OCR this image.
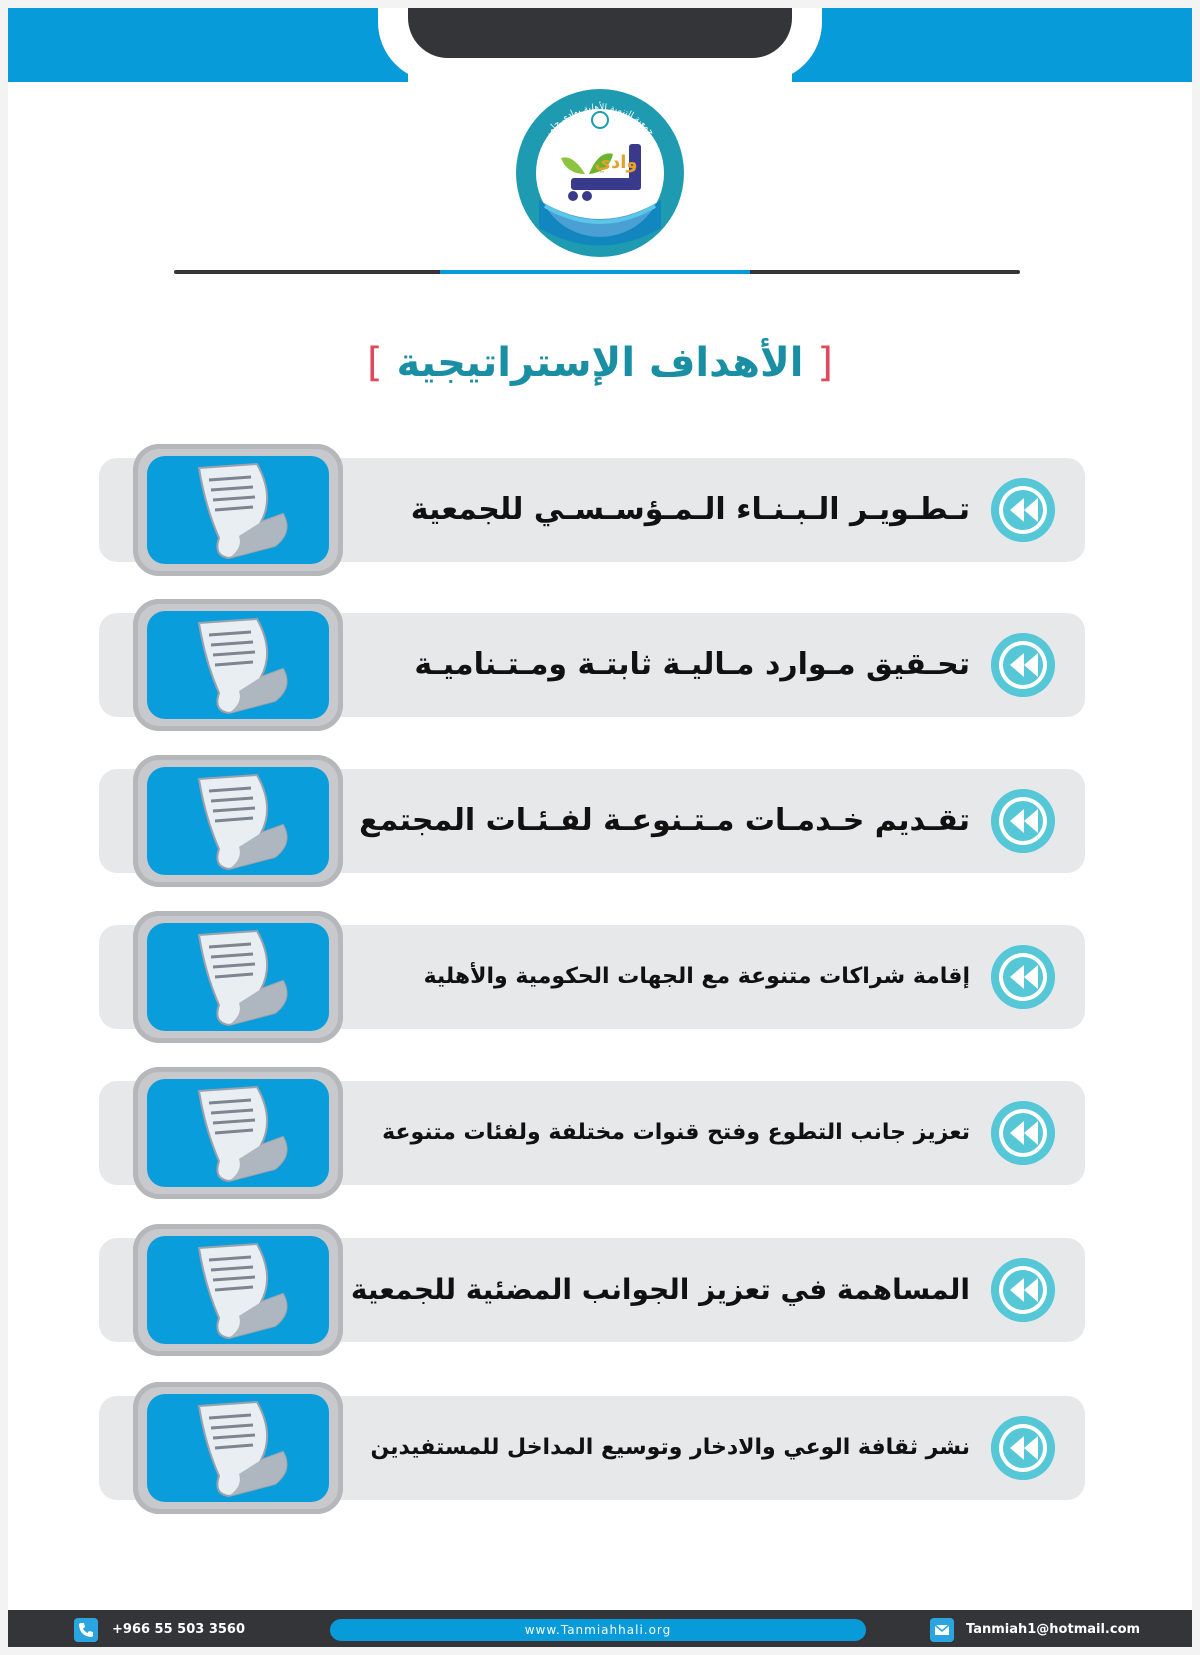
وادي
جمعية التنمية الأهلية بوادي حلي
[ الأهداف الإستراتيجية ]
تـطـويـر الـبـنـاء الـمـؤسـسـي للجمعية
تحـقيق مـوارد مـاليـة ثابتـة ومـتـناميـة
تقـديم خـدمـات مـتـنوعـة لفـئـات المجتمع
إقامة شراكات متنوعة مع الجهات الحكومية والأهلية
تعزيز جانب التطوع وفتح قنوات مختلفة ولفئات متنوعة
المساهمة في تعزيز الجوانب المضئية للجمعية
نشر ثقافة الوعي والادخار وتوسيع المداخل للمستفيدين
+966 55 503 3560	www.Tanmiahhali.org	Tanmiah1@hotmail.com
